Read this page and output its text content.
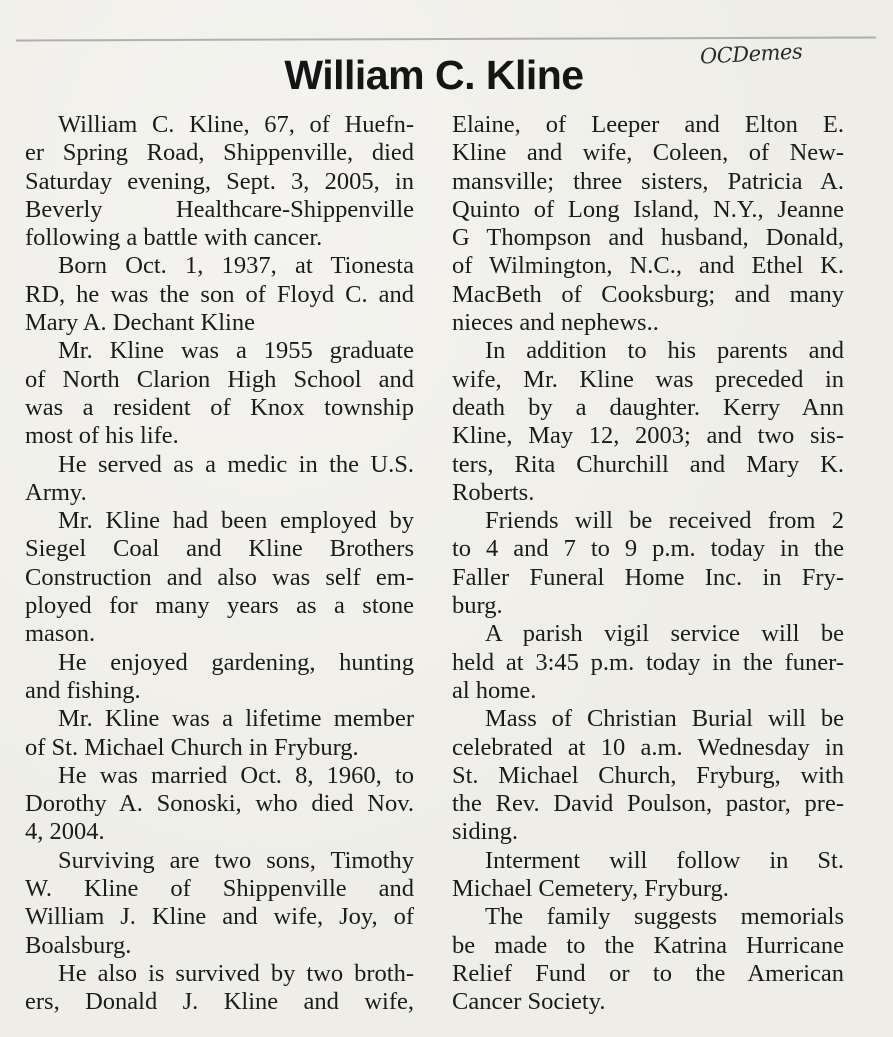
OCDemes
William C. Kline
William C. Kline, 67, of Huefn-
er Spring Road, Shippenville, died
Saturday evening, Sept. 3, 2005, in
Beverly Healthcare-Shippenville
following a battle with cancer.
Born Oct. 1, 1937, at Tionesta
RD, he was the son of Floyd C. and
Mary A. Dechant Kline
Mr. Kline was a 1955 graduate
of North Clarion High School and
was a resident of Knox township
most of his life.
He served as a medic in the U.S.
Army.
Mr. Kline had been employed by
Siegel Coal and Kline Brothers
Construction and also was self em-
ployed for many years as a stone
mason.
He enjoyed gardening, hunting
and fishing.
Mr. Kline was a lifetime member
of St. Michael Church in Fryburg.
He was married Oct. 8, 1960, to
Dorothy A. Sonoski, who died Nov.
4, 2004.
Surviving are two sons, Timothy
W. Kline of Shippenville and
William J. Kline and wife, Joy, of
Boalsburg.
He also is survived by two broth-
ers, Donald J. Kline and wife,
Elaine, of Leeper and Elton E.
Kline and wife, Coleen, of New-
mansville; three sisters, Patricia A.
Quinto of Long Island, N.Y., Jeanne
G Thompson and husband, Donald,
of Wilmington, N.C., and Ethel K.
MacBeth of Cooksburg; and many
nieces and nephews..
In addition to his parents and
wife, Mr. Kline was preceded in
death by a daughter. Kerry Ann
Kline, May 12, 2003; and two sis-
ters, Rita Churchill and Mary K.
Roberts.
Friends will be received from 2
to 4 and 7 to 9 p.m. today in the
Faller Funeral Home Inc. in Fry-
burg.
A parish vigil service will be
held at 3:45 p.m. today in the funer-
al home.
Mass of Christian Burial will be
celebrated at 10 a.m. Wednesday in
St. Michael Church, Fryburg, with
the Rev. David Poulson, pastor, pre-
siding.
Interment will follow in St.
Michael Cemetery, Fryburg.
The family suggests memorials
be made to the Katrina Hurricane
Relief Fund or to the American
Cancer Society.
